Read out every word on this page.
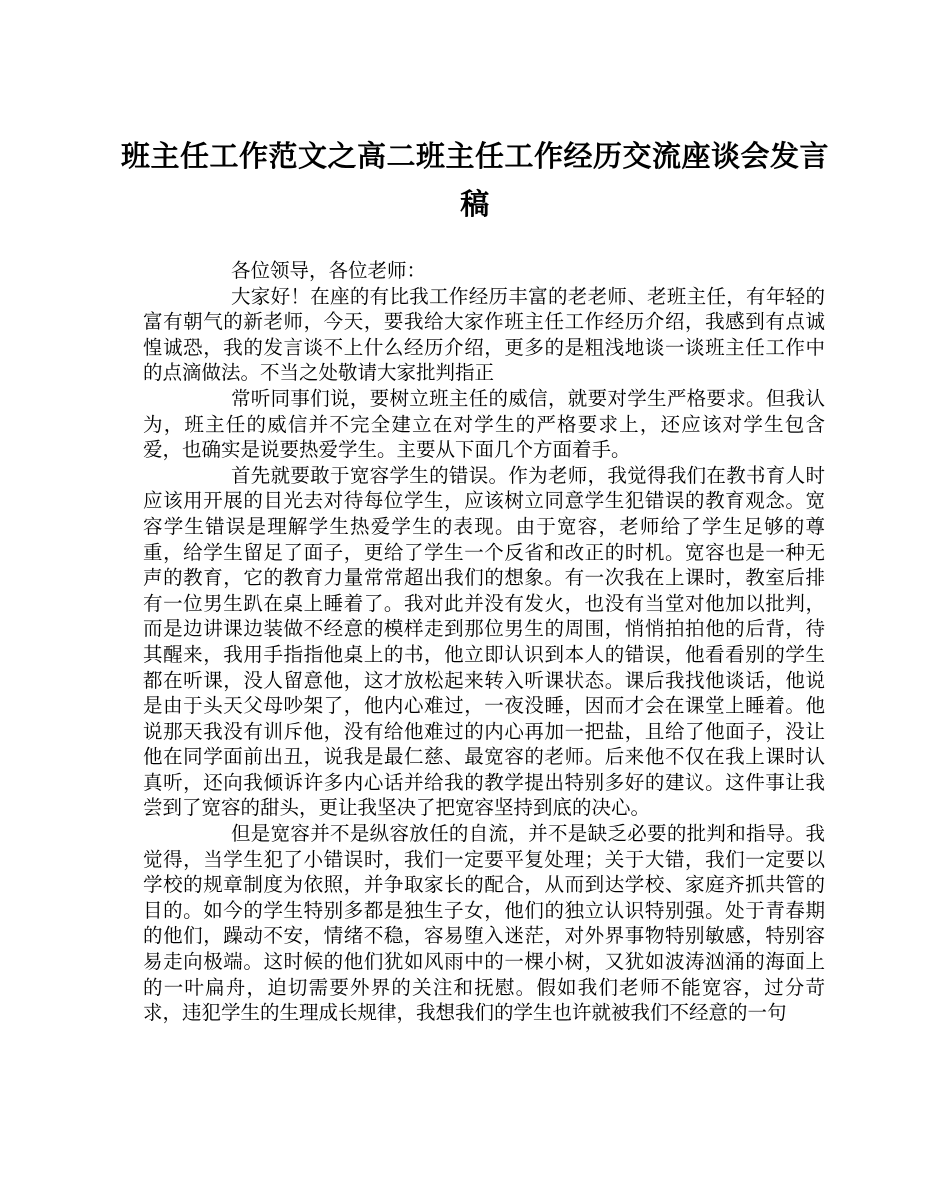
班主任工作范文之高二班主任工作经历交流座谈会发言稿

各位领导，各位老师：

大家好！在座的有比我工作经历丰富的老老师、老班主任，有年轻的富有朝气的新老师，今天，要我给大家作班主任工作经历介绍，我感到有点诚惶诚恐，我的发言谈不上什么经历介绍，更多的是粗浅地谈一谈班主任工作中的点滴做法。不当之处敬请大家批判指正

常听同事们说，要树立班主任的威信，就要对学生严格要求。但我认为，班主任的威信并不完全建立在对学生的严格要求上，还应该对学生包含爱，也确实是说要热爱学生。主要从下面几个方面着手。

首先就要敢于宽容学生的错误。作为老师，我觉得我们在教书育人时应该用开展的目光去对待每位学生，应该树立同意学生犯错误的教育观念。宽容学生错误是理解学生热爱学生的表现。由于宽容，老师给了学生足够的尊重，给学生留足了面子，更给了学生一个反省和改正的时机。宽容也是一种无声的教育，它的教育力量常常超出我们的想象。有一次我在上课时，教室后排有一位男生趴在桌上睡着了。我对此并没有发火，也没有当堂对他加以批判，而是边讲课边装做不经意的模样走到那位男生的周围，悄悄拍拍他的后背，待其醒来，我用手指指他桌上的书，他立即认识到本人的错误，他看看别的学生都在听课，没人留意他，这才放松起来转入听课状态。课后我找他谈话，他说是由于头天父母吵架了，他内心难过，一夜没睡，因而才会在课堂上睡着。他说那天我没有训斥他，没有给他难过的内心再加一把盐，且给了他面子，没让他在同学面前出丑，说我是最仁慈、最宽容的老师。后来他不仅在我上课时认真听，还向我倾诉许多内心话并给我的教学提出特别多好的建议。这件事让我尝到了宽容的甜头，更让我坚决了把宽容坚持到底的决心。

但是宽容并不是纵容放任的自流，并不是缺乏必要的批判和指导。我觉得，当学生犯了小错误时，我们一定要平复处理；关于大错，我们一定要以学校的规章制度为依照，并争取家长的配合，从而到达学校、家庭齐抓共管的目的。如今的学生特别多都是独生子女，他们的独立认识特别强。处于青春期的他们，躁动不安，情绪不稳，容易堕入迷茫，对外界事物特别敏感，特别容易走向极端。这时候的他们犹如风雨中的一棵小树，又犹如波涛汹涌的海面上的一叶扁舟，迫切需要外界的关注和抚慰。假如我们老师不能宽容，过分苛求，违犯学生的生理成长规律，我想我们的学生也许就被我们不经意的一句
